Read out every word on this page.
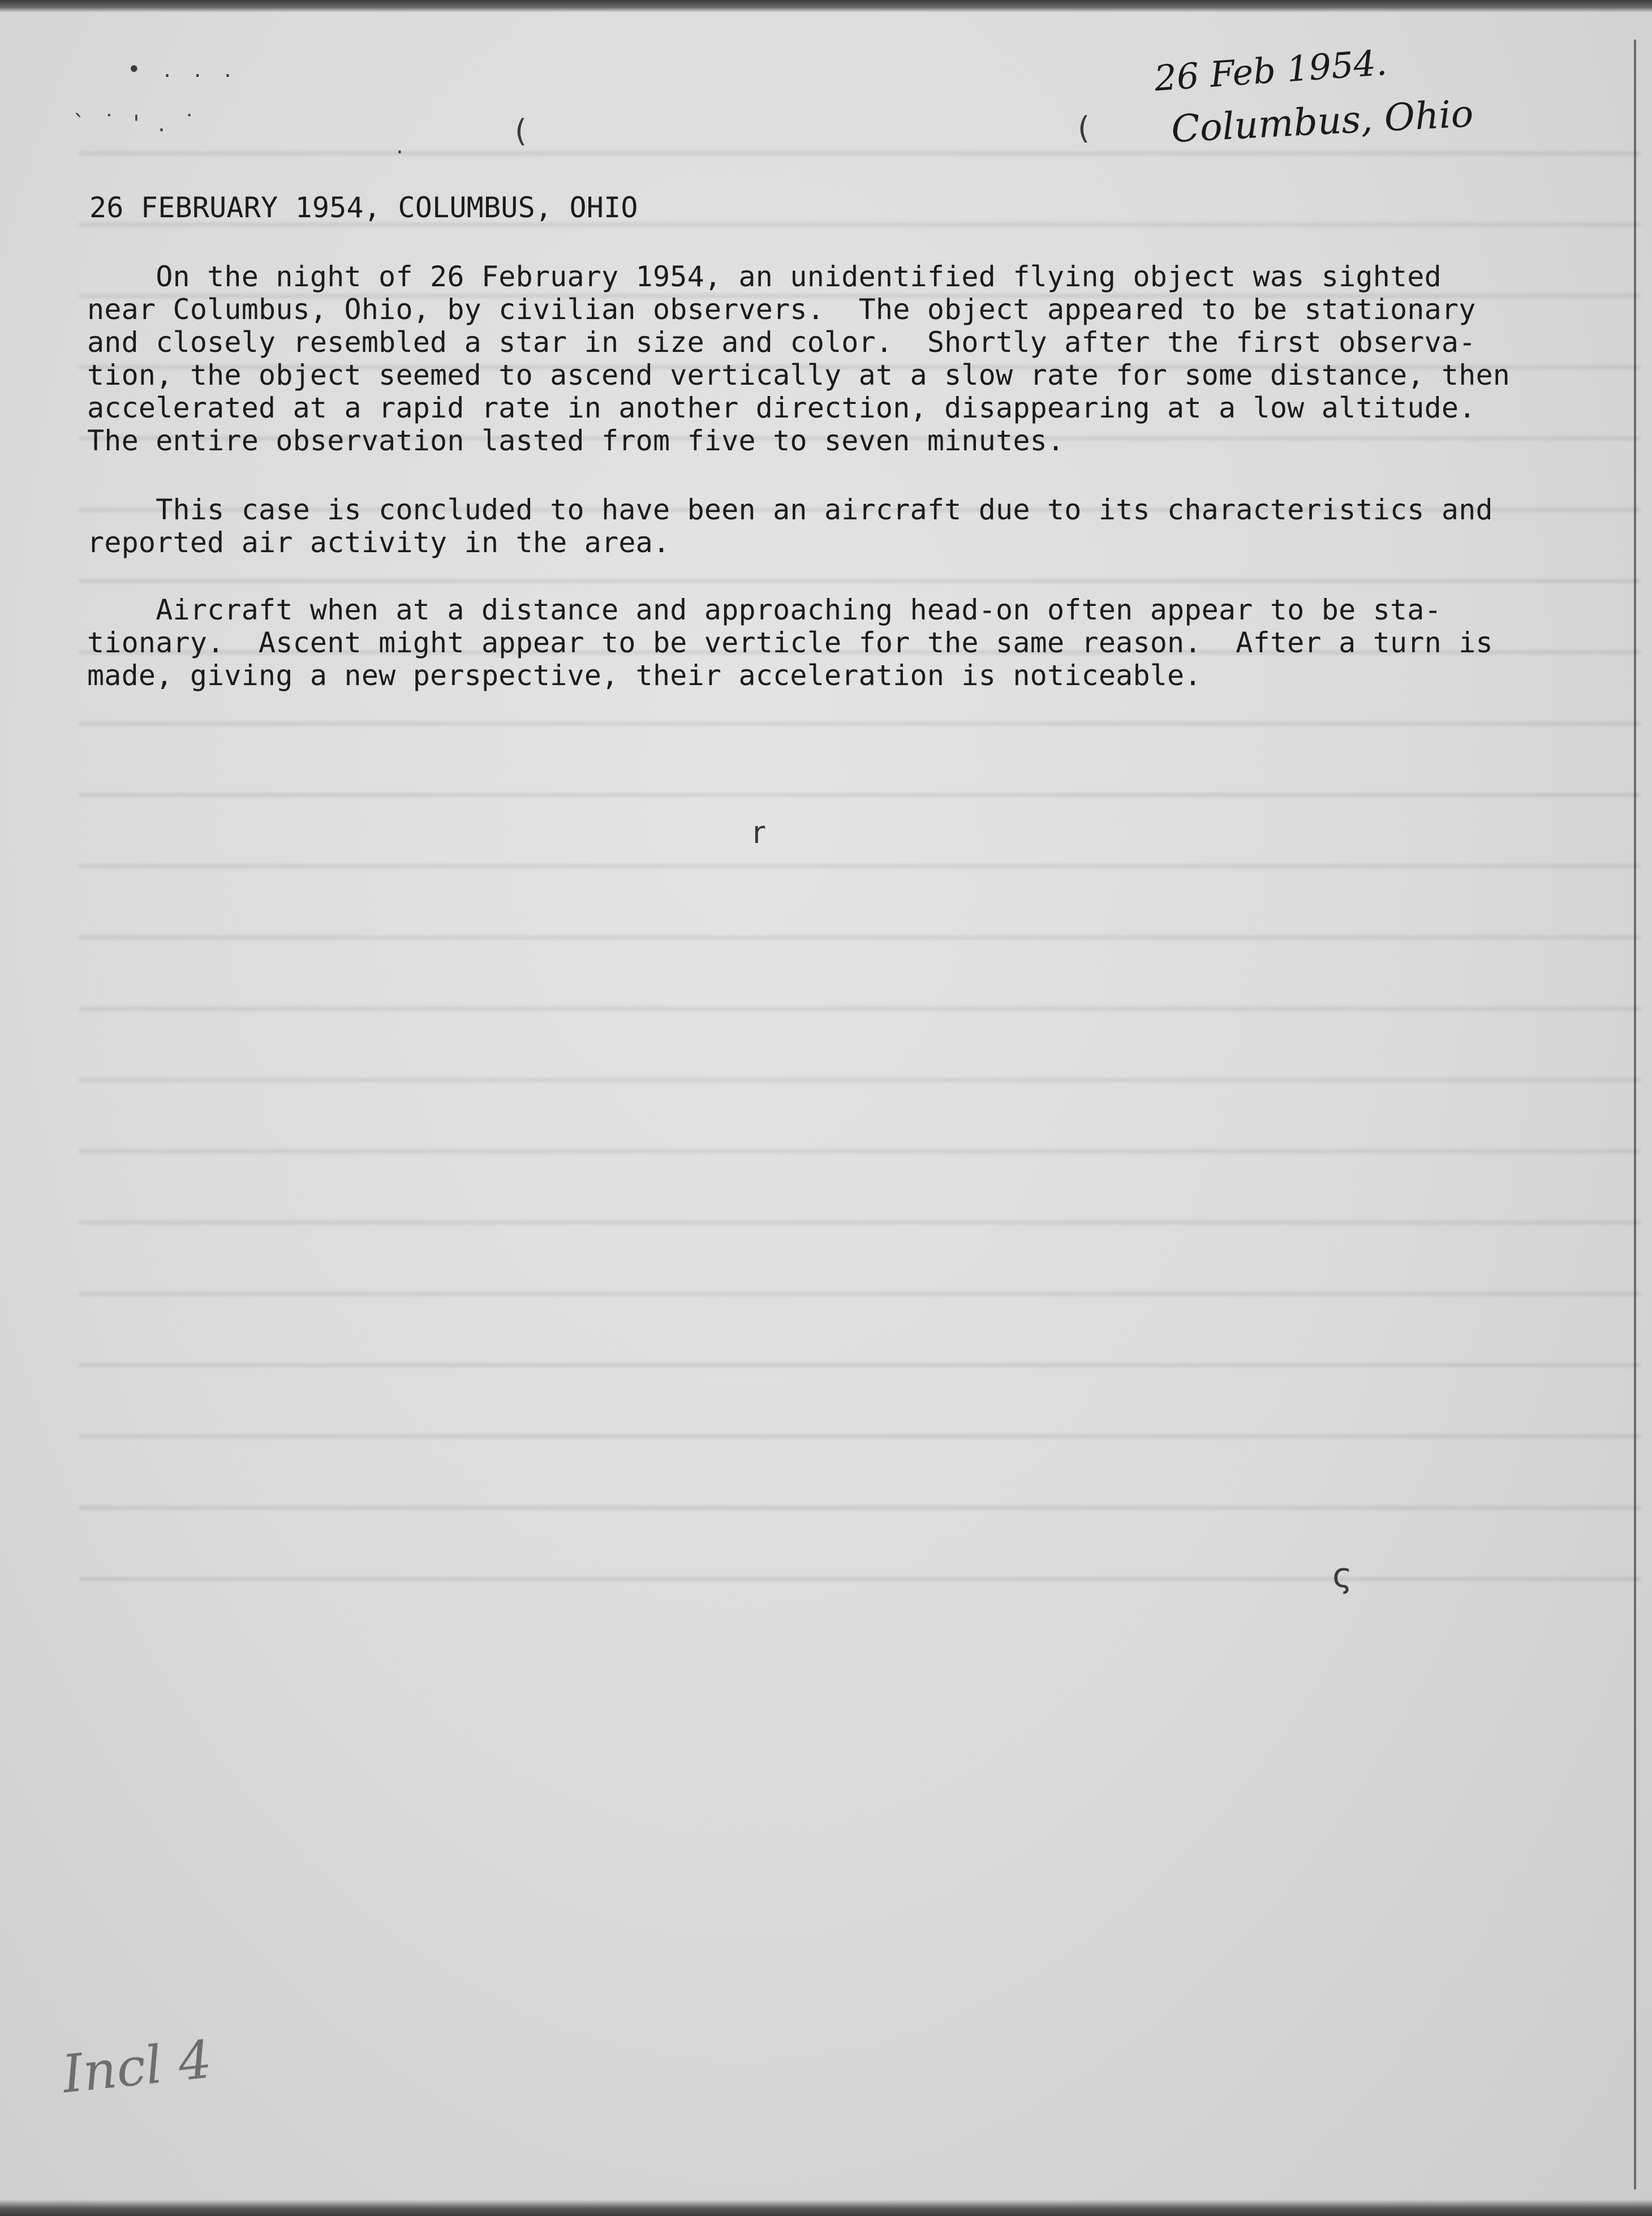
• . . .
` ˙ ' . ˙
.	(	(
r
ς
26 Feb 1954.
Columbus, Ohio
26 FEBRUARY 1954, COLUMBUS, OHIO
On the night of 26 February 1954, an unidentified flying object was sighted
near Columbus, Ohio, by civilian observers.  The object appeared to be stationary
and closely resembled a star in size and color.  Shortly after the first observa-
tion, the object seemed to ascend vertically at a slow rate for some distance, then
accelerated at a rapid rate in another direction, disappearing at a low altitude.
The entire observation lasted from five to seven minutes.
This case is concluded to have been an aircraft due to its characteristics and
reported air activity in the area.
Aircraft when at a distance and approaching head-on often appear to be sta-
tionary.  Ascent might appear to be verticle for the same reason.  After a turn is
made, giving a new perspective, their acceleration is noticeable.
Incl 4
